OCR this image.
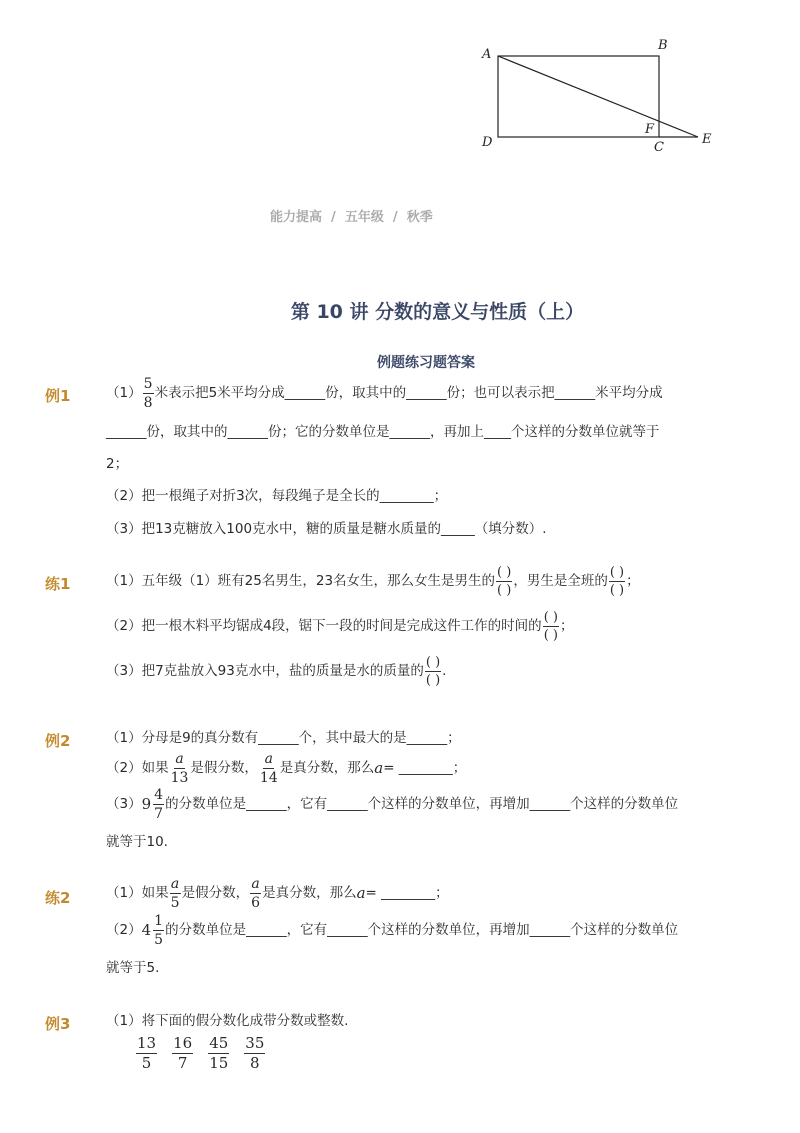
A
B
D	C
F
E
能力提高  /  五年级  /  秋季
第 10 讲 分数的意义与性质（上）
例题练习题答案
例1	$(1) \frac{5}{8}$ 米表示把5米平均分成______份，取其中的______份；也可以表示把______米平均分成
______份，取其中的______份；它的分数单位是______，再加上____个这样的分数单位就等于
2；
（2）把一根绳子对折3次，每段绳子是全长的________；
（3）把13克糖放入100克水中，糖的质量是糖水质量的_____（填分数）.
练1	（1）五年级（1）班有25名男生，23名女生，那么女生是男生的 $\frac{( )}{( )}$ ，男生是全班的 $\frac{( )}{( )}$ ；
（2）把一根木料平均锯成4段，锯下一段的时间是完成这件工作的时间的 $\frac{( )}{( )}$ ；
（3）把7克盐放入93克水中，盐的质量是水的质量的 $\frac{( )}{( )}$ .
例2	（1）分母是9的真分数有______个，其中最大的是______；
（2）如果 $\frac{a}{13}$ 是假分数， $\frac{a}{14}$ 是真分数，那么 a = ________；
（3） $9 \frac{4}{7}$ 的分数单位是______，它有______个这样的分数单位，再增加______个这样的分数单位
就等于10.
练2	（1）如果 $\frac{a}{5}$ 是假分数， $\frac{a}{6}$ 是真分数，那么 a = ________；
（2） $4 \frac{1}{5}$ 的分数单位是______，它有______个这样的分数单位，再增加______个这样的分数单位
就等于5.
例3	（1）将下面的假分数化成带分数或整数.
$\frac{13}{5} \frac{16}{7} \frac{45}{15} \frac{35}{8}$
